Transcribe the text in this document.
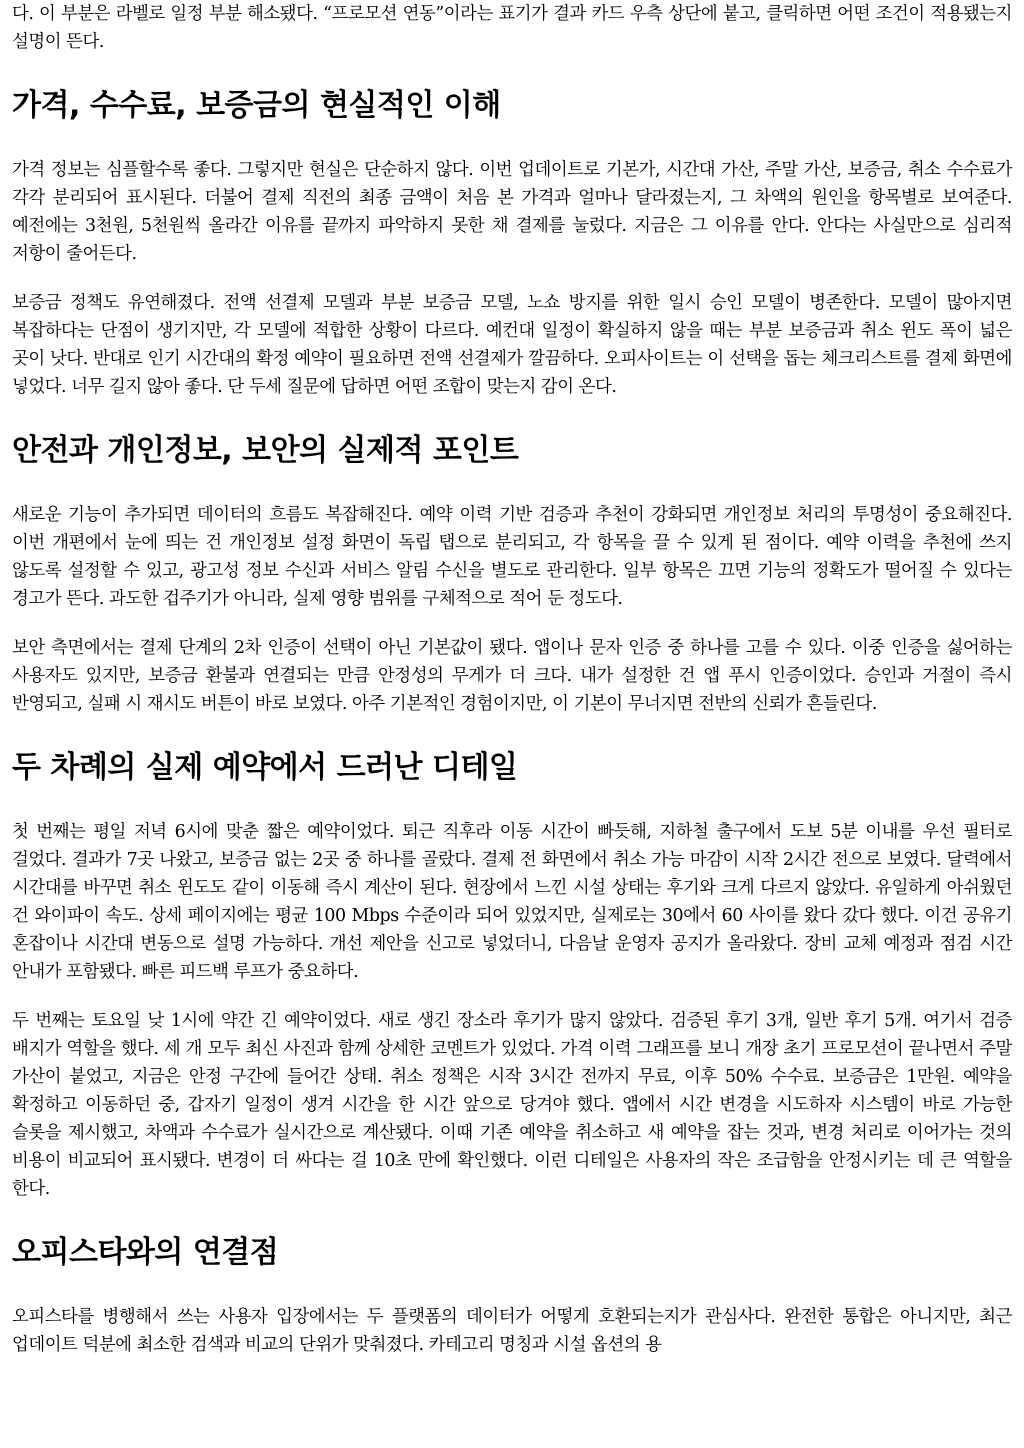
다. 이 부분은 라벨로 일정 부분 해소됐다. “프로모션 연동”이라는 표기가 결과 카드 우측 상단에 붙고, 클릭하면 어떤 조건이 적용됐는지 설명이 뜬다.

가격, 수수료, 보증금의 현실적인 이해

가격 정보는 심플할수록 좋다. 그렇지만 현실은 단순하지 않다. 이번 업데이트로 기본가, 시간대 가산, 주말 가산, 보증금, 취소 수수료가 각각 분리되어 표시된다. 더불어 결제 직전의 최종 금액이 처음 본 가격과 얼마나 달라졌는지, 그 차액의 원인을 항목별로 보여준다. 예전에는 3천원, 5천원씩 올라간 이유를 끝까지 파악하지 못한 채 결제를 눌렀다. 지금은 그 이유를 안다. 안다는 사실만으로 심리적 저항이 줄어든다.

보증금 정책도 유연해졌다. 전액 선결제 모델과 부분 보증금 모델, 노쇼 방지를 위한 일시 승인 모델이 병존한다. 모델이 많아지면 복잡하다는 단점이 생기지만, 각 모델에 적합한 상황이 다르다. 예컨대 일정이 확실하지 않을 때는 부분 보증금과 취소 윈도 폭이 넓은 곳이 낫다. 반대로 인기 시간대의 확정 예약이 필요하면 전액 선결제가 깔끔하다. 오피사이트는 이 선택을 돕는 체크리스트를 결제 화면에 넣었다. 너무 길지 않아 좋다. 단 두세 질문에 답하면 어떤 조합이 맞는지 감이 온다.

안전과 개인정보, 보안의 실제적 포인트

새로운 기능이 추가되면 데이터의 흐름도 복잡해진다. 예약 이력 기반 검증과 추천이 강화되면 개인정보 처리의 투명성이 중요해진다. 이번 개편에서 눈에 띄는 건 개인정보 설정 화면이 독립 탭으로 분리되고, 각 항목을 끌 수 있게 된 점이다. 예약 이력을 추천에 쓰지 않도록 설정할 수 있고, 광고성 정보 수신과 서비스 알림 수신을 별도로 관리한다. 일부 항목은 끄면 기능의 정확도가 떨어질 수 있다는 경고가 뜬다. 과도한 겁주기가 아니라, 실제 영향 범위를 구체적으로 적어 둔 정도다.

보안 측면에서는 결제 단계의 2차 인증이 선택이 아닌 기본값이 됐다. 앱이나 문자 인증 중 하나를 고를 수 있다. 이중 인증을 싫어하는 사용자도 있지만, 보증금 환불과 연결되는 만큼 안정성의 무게가 더 크다. 내가 설정한 건 앱 푸시 인증이었다. 승인과 거절이 즉시 반영되고, 실패 시 재시도 버튼이 바로 보였다. 아주 기본적인 경험이지만, 이 기본이 무너지면 전반의 신뢰가 흔들린다.

두 차례의 실제 예약에서 드러난 디테일

첫 번째는 평일 저녁 6시에 맞춘 짧은 예약이었다. 퇴근 직후라 이동 시간이 빠듯해, 지하철 출구에서 도보 5분 이내를 우선 필터로 걸었다. 결과가 7곳 나왔고, 보증금 없는 2곳 중 하나를 골랐다. 결제 전 화면에서 취소 가능 마감이 시작 2시간 전으로 보였다. 달력에서 시간대를 바꾸면 취소 윈도도 같이 이동해 즉시 계산이 된다. 현장에서 느낀 시설 상태는 후기와 크게 다르지 않았다. 유일하게 아쉬웠던 건 와이파이 속도. 상세 페이지에는 평균 100 Mbps 수준이라 되어 있었지만, 실제로는 30에서 60 사이를 왔다 갔다 했다. 이건 공유기 혼잡이나 시간대 변동으로 설명 가능하다. 개선 제안을 신고로 넣었더니, 다음날 운영자 공지가 올라왔다. 장비 교체 예정과 점검 시간 안내가 포함됐다. 빠른 피드백 루프가 중요하다.

두 번째는 토요일 낮 1시에 약간 긴 예약이었다. 새로 생긴 장소라 후기가 많지 않았다. 검증된 후기 3개, 일반 후기 5개. 여기서 검증 배지가 역할을 했다. 세 개 모두 최신 사진과 함께 상세한 코멘트가 있었다. 가격 이력 그래프를 보니 개장 초기 프로모션이 끝나면서 주말 가산이 붙었고, 지금은 안정 구간에 들어간 상태. 취소 정책은 시작 3시간 전까지 무료, 이후 50% 수수료. 보증금은 1만원. 예약을 확정하고 이동하던 중, 갑자기 일정이 생겨 시간을 한 시간 앞으로 당겨야 했다. 앱에서 시간 변경을 시도하자 시스템이 바로 가능한 슬롯을 제시했고, 차액과 수수료가 실시간으로 계산됐다. 이때 기존 예약을 취소하고 새 예약을 잡는 것과, 변경 처리로 이어가는 것의 비용이 비교되어 표시됐다. 변경이 더 싸다는 걸 10초 만에 확인했다. 이런 디테일은 사용자의 작은 조급함을 안정시키는 데 큰 역할을 한다.

오피스타와의 연결점

오피스타를 병행해서 쓰는 사용자 입장에서는 두 플랫폼의 데이터가 어떻게 호환되는지가 관심사다. 완전한 통합은 아니지만, 최근 업데이트 덕분에 최소한 검색과 비교의 단위가 맞춰졌다. 카테고리 명칭과 시설 옵션의 용
